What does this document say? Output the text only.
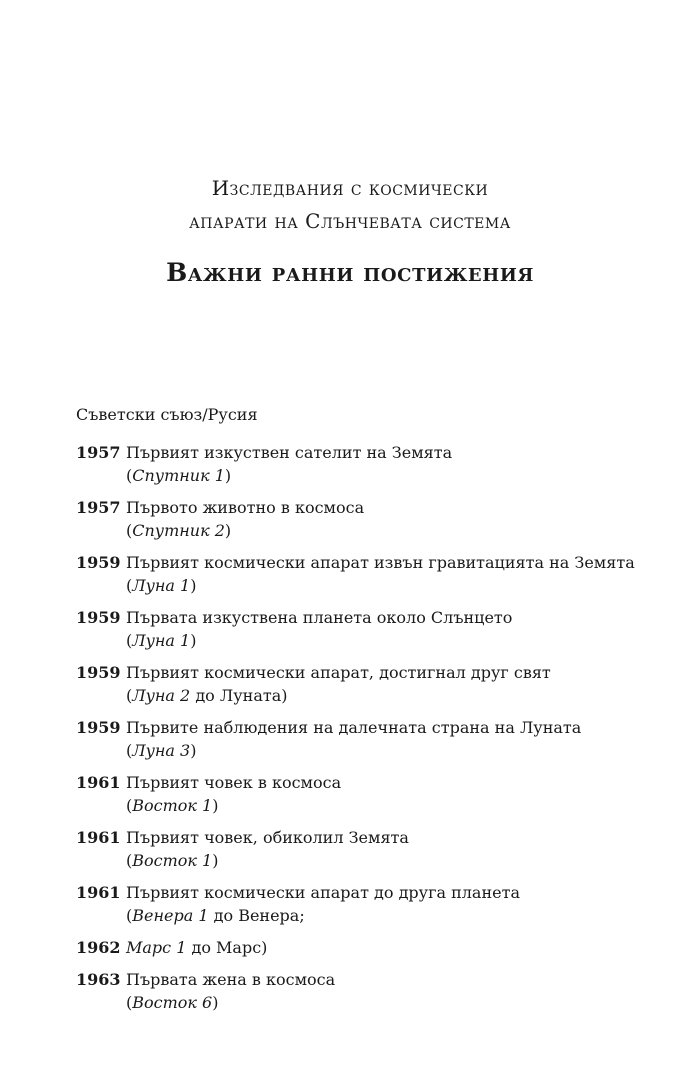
Изследвания с космически
апарати на Слънчевата система
Важни ранни постижения
Съветски съюз/Русия
1957 Първият изкуствен сателит на Земята
(Спутник 1)
1957 Първото животно в космоса
(Спутник 2)
1959 Първият космически апарат извън гравитацията на Земята
(Луна 1)
1959 Първата изкуствена планета около Слънцето
(Луна 1)
1959 Първият космически апарат, достигнал друг свят
(Луна 2 до Луната)
1959 Първите наблюдения на далечната страна на Луната
(Луна 3)
1961 Първият човек в космоса
(Восток 1)
1961 Първият човек, обиколил Земята
(Восток 1)
1961 Първият космически апарат до друга планета
(Венера 1 до Венера;
1962 Марс 1 до Марс)
1963 Първата жена в космоса
(Восток 6)
